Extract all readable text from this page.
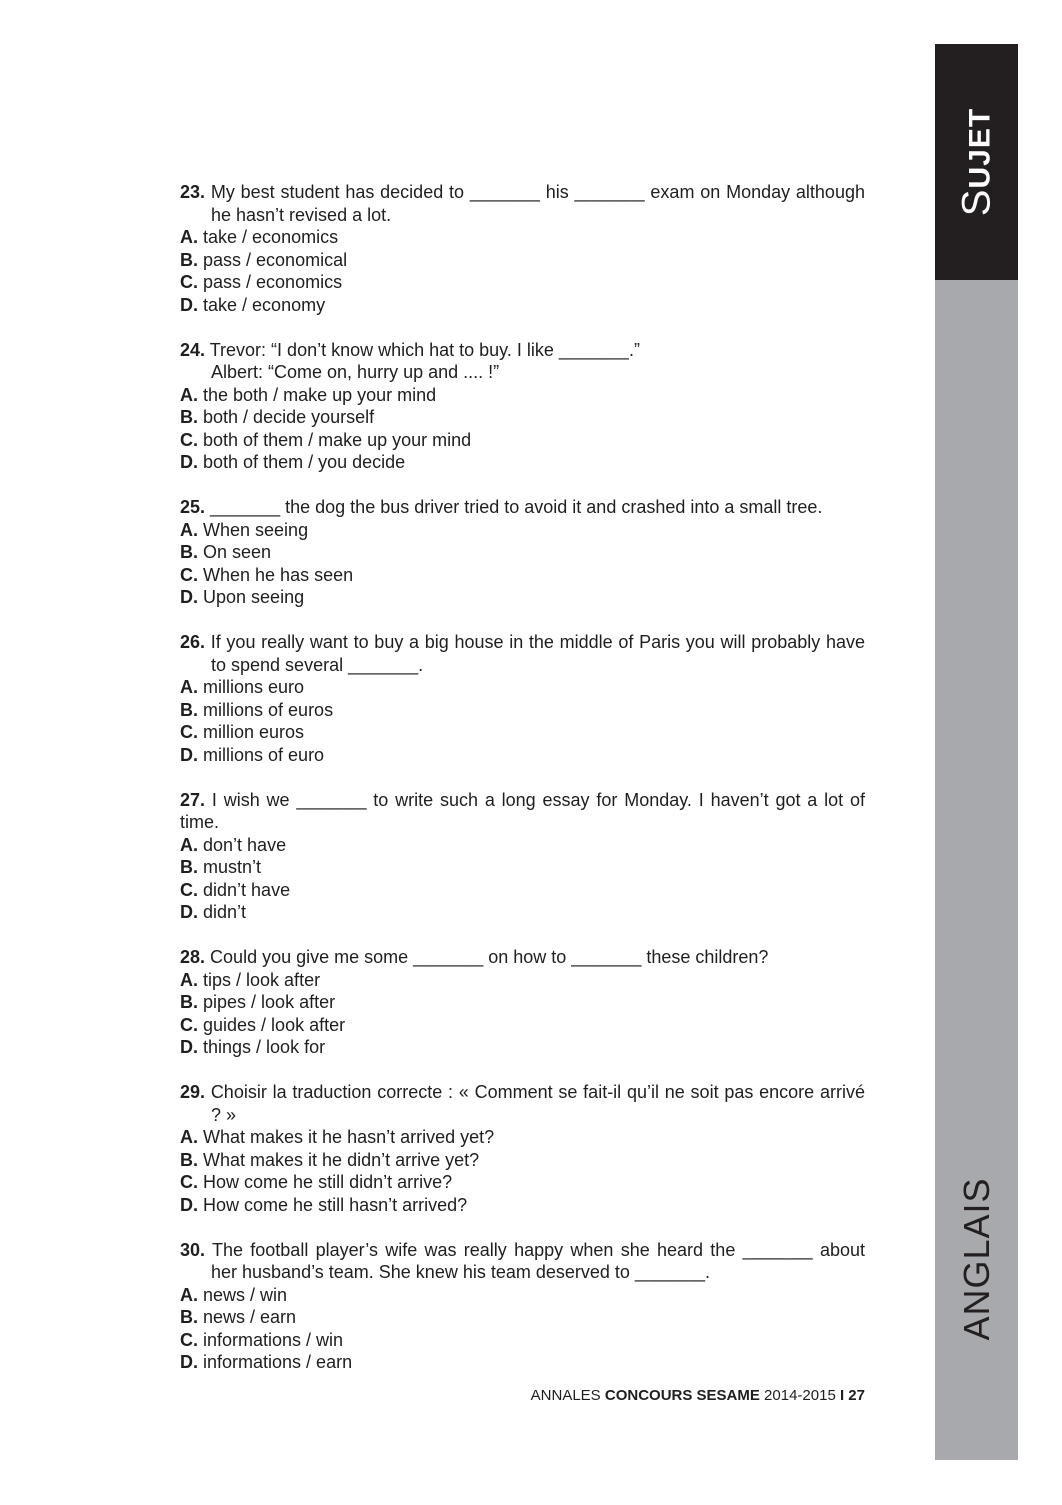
SUJET
ANGLAIS
23. My best student has decided to _______ his _______ exam on Monday although he hasn’t revised a lot.
A. take / economics
B. pass / economical
C. pass / economics
D. take / economy
24. Trevor: “I don’t know which hat to buy. I like _______.”
Albert: “Come on, hurry up and .... !”
A. the both / make up your mind
B. both / decide yourself
C. both of them / make up your mind
D. both of them / you decide
25. _______ the dog the bus driver tried to avoid it and crashed into a small tree.
A. When seeing
B. On seen
C. When he has seen
D. Upon seeing
26. If you really want to buy a big house in the middle of Paris you will probably have to spend several _______.
A. millions euro
B. millions of euros
C. million euros
D. millions of euro
27. I wish we _______ to write such a long essay for Monday. I haven’t got a lot of time.
A. don’t have
B. mustn’t
C. didn’t have
D. didn’t
28. Could you give me some _______ on how to _______ these children?
A. tips / look after
B. pipes / look after
C. guides / look after
D. things / look for
29. Choisir la traduction correcte : « Comment se fait-il qu’il ne soit pas encore arrivé ? »
A. What makes it he hasn’t arrived yet?
B. What makes it he didn’t arrive yet?
C. How come he still didn’t arrive?
D. How come he still hasn’t arrived?
30. The football player’s wife was really happy when she heard the _______ about her husband’s team. She knew his team deserved to _______.
A. news / win
B. news / earn
C. informations / win
D. informations / earn
ANNALES CONCOURS SESAME 2014-2015 I 27
